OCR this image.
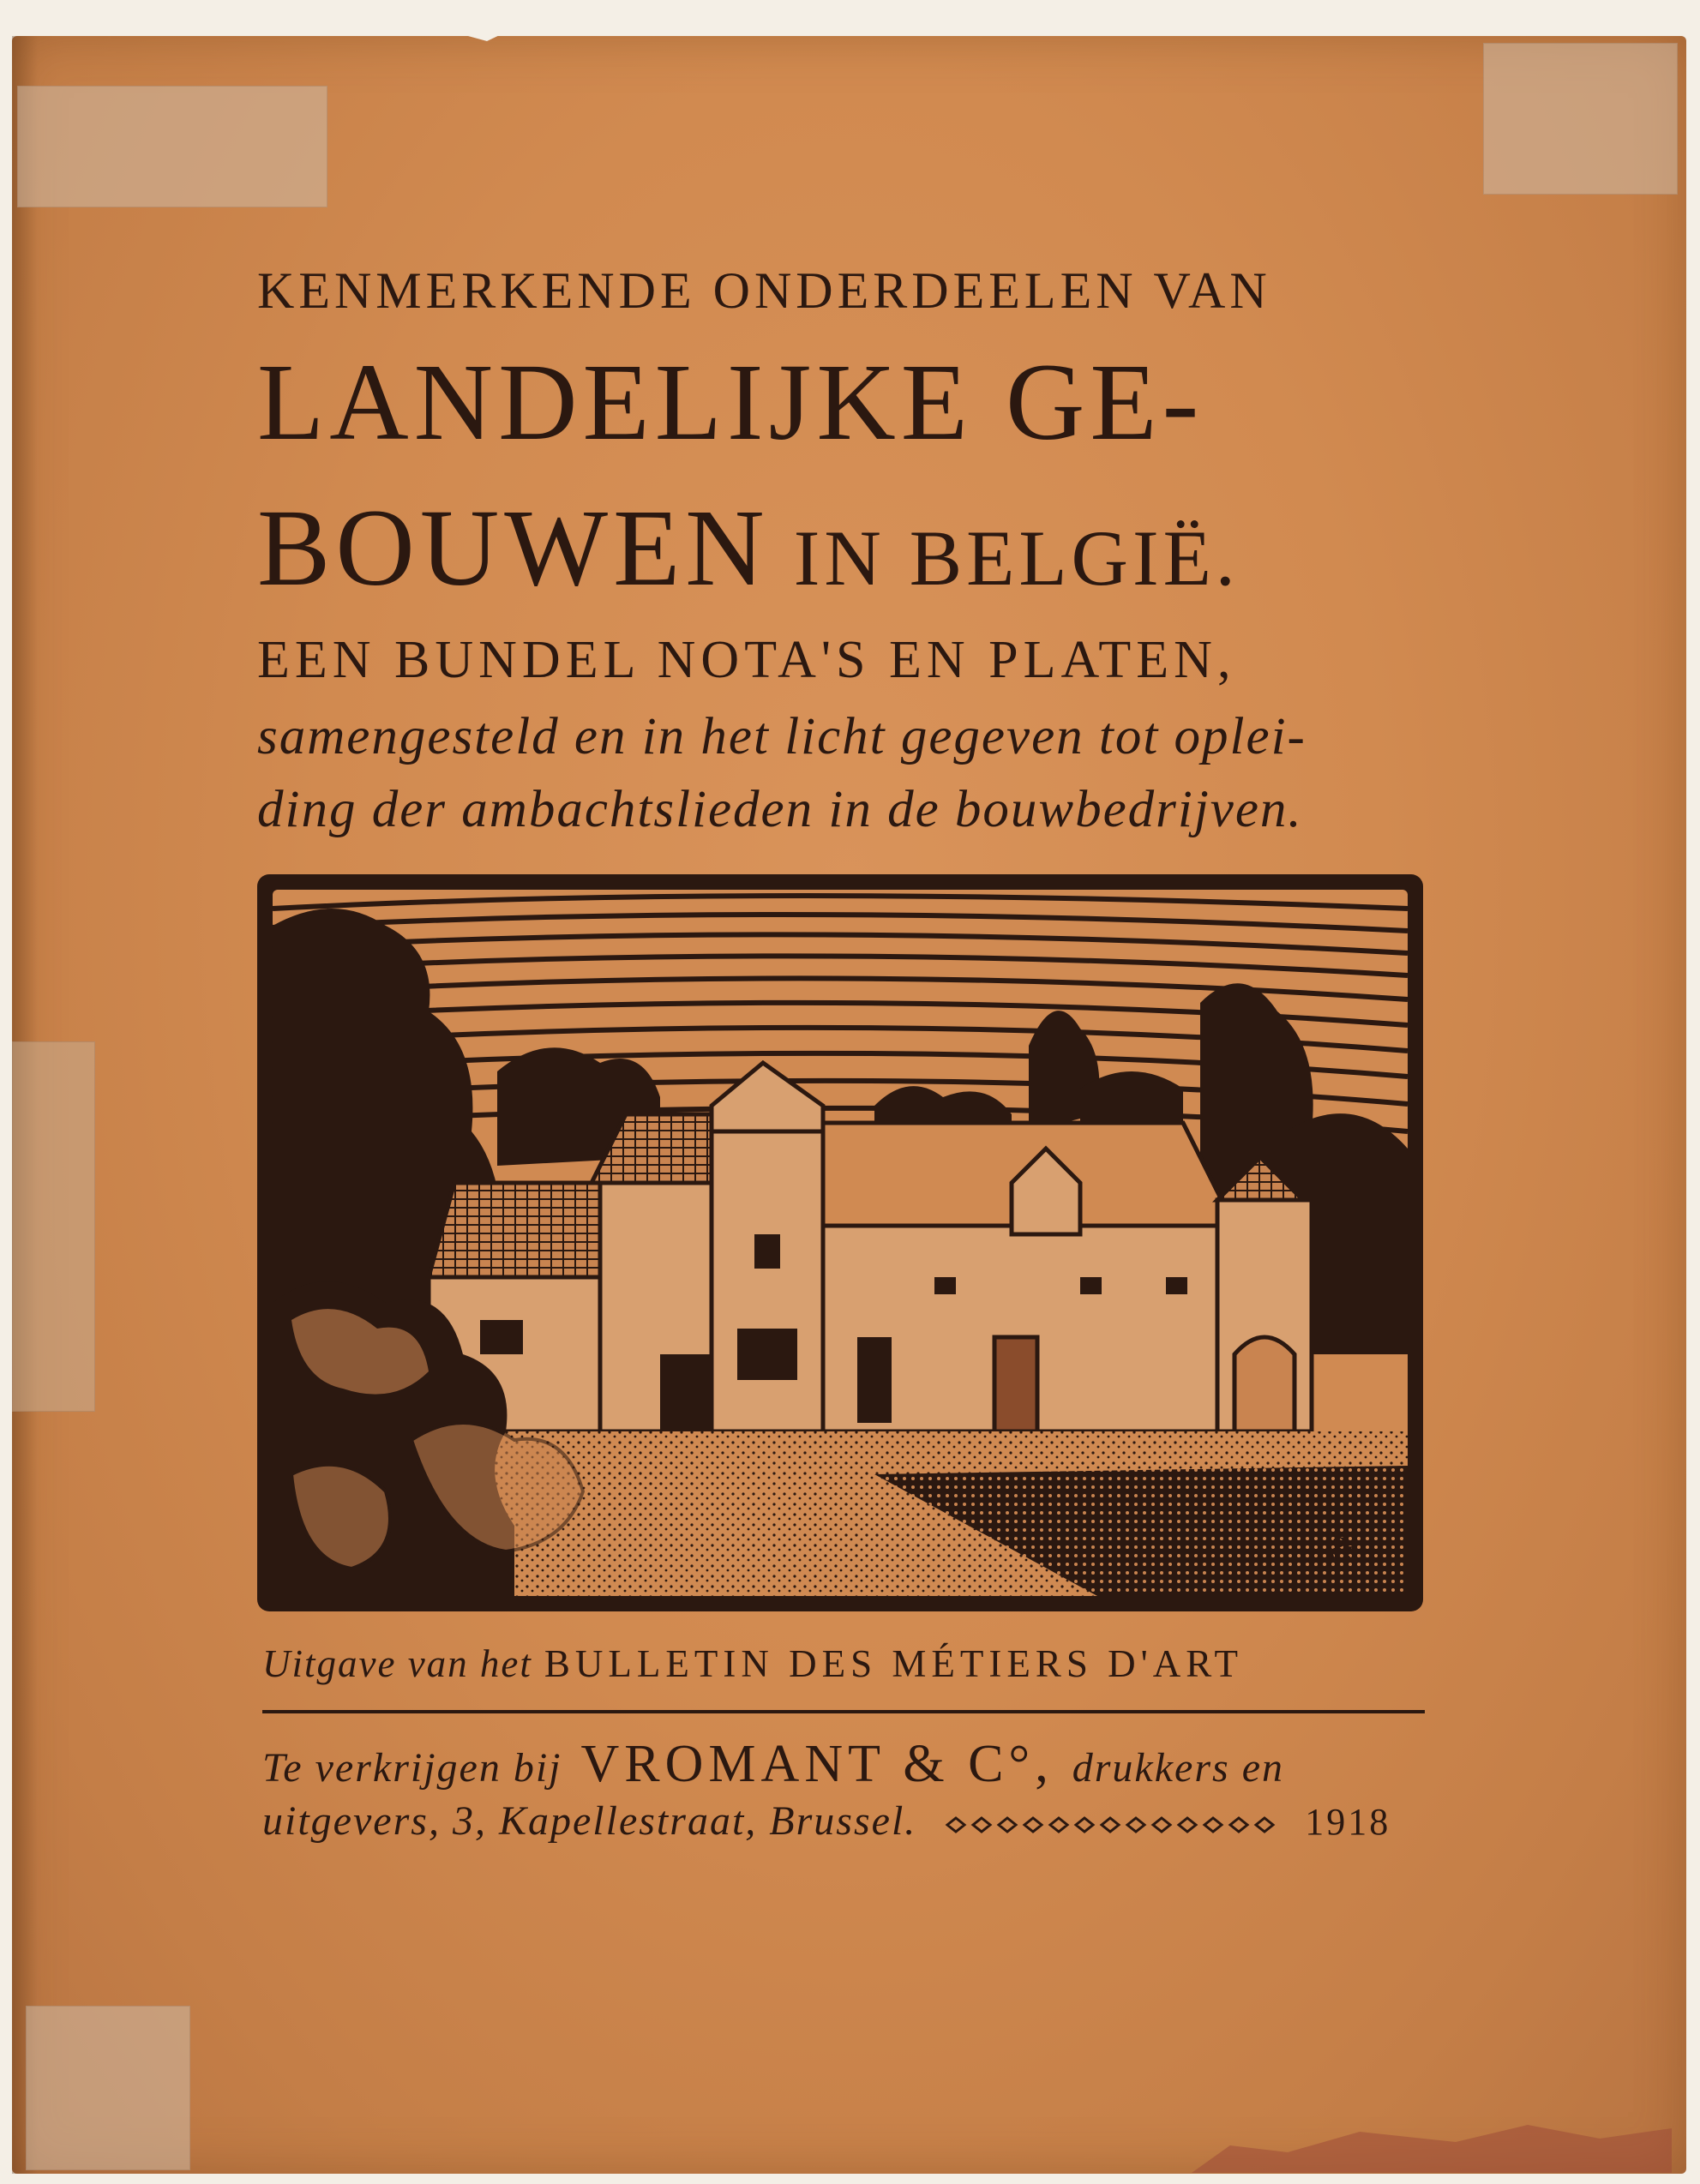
KENMERKENDE ONDERDEELEN VAN

LANDELIJKE GE-

BOUWEN IN BELGIË.

EEN BUNDEL NOTA'S EN PLATEN,

samengesteld en in het licht gegeven tot oplei-

ding der ambachtslieden in de bouwbedrijven.

&
Uitgave van het BULLETIN DES MÉTIERS D'ART
Te verkrijgen bij VROMANT & C°, drukkers en
uitgevers, 3, Kapellestraat, Brussel.	1918
